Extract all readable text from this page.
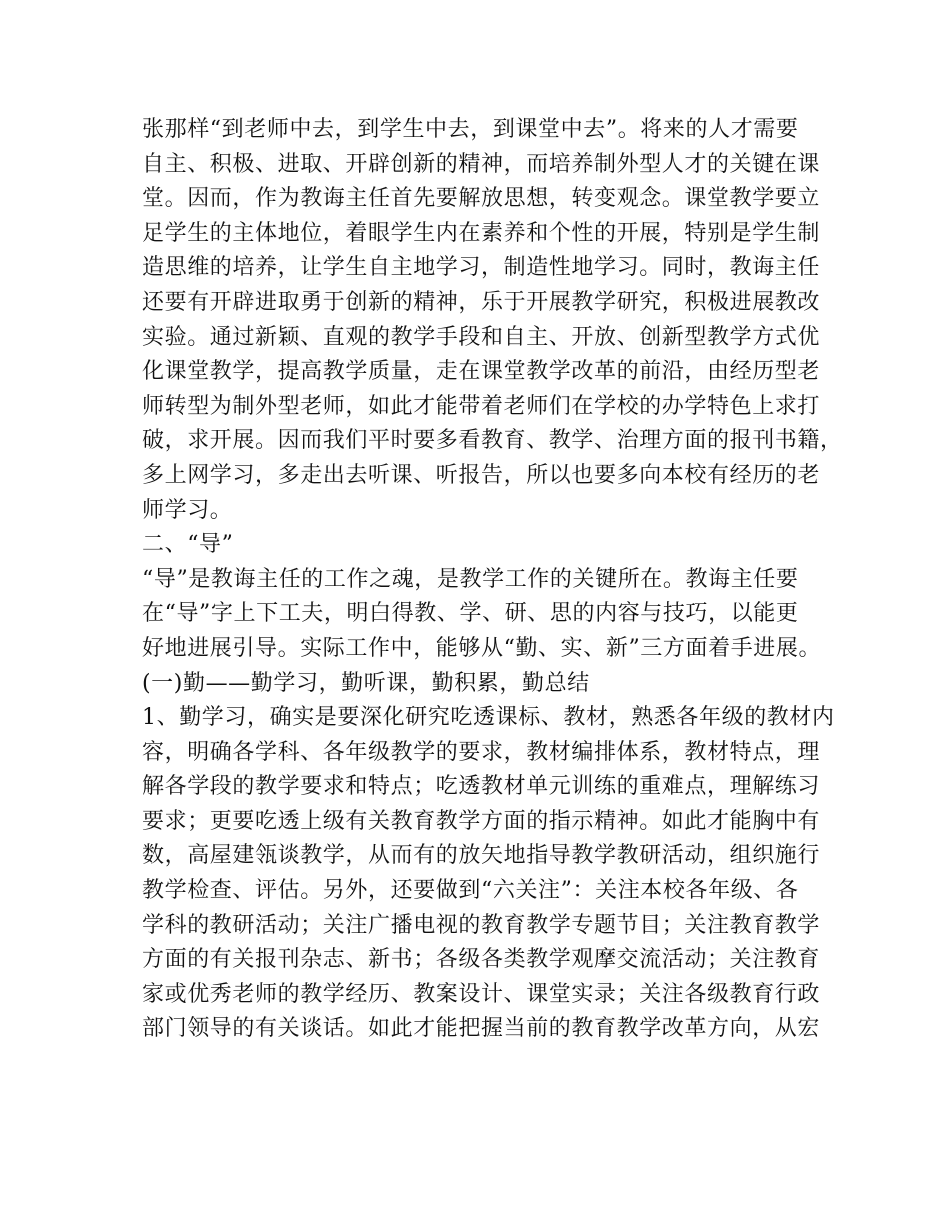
张那样“到老师中去，到学生中去，到课堂中去”。将来的人才需要
自主、积极、进取、开辟创新的精神，而培养制外型人才的关键在课
堂。因而，作为教诲主任首先要解放思想，转变观念。课堂教学要立
足学生的主体地位，着眼学生内在素养和个性的开展，特别是学生制
造思维的培养，让学生自主地学习，制造性地学习。同时，教诲主任
还要有开辟进取勇于创新的精神，乐于开展教学研究，积极进展教改
实验。通过新颖、直观的教学手段和自主、开放、创新型教学方式优
化课堂教学，提高教学质量，走在课堂教学改革的前沿，由经历型老
师转型为制外型老师，如此才能带着老师们在学校的办学特色上求打
破，求开展。因而我们平时要多看教育、教学、治理方面的报刊书籍，
多上网学习，多走出去听课、听报告，所以也要多向本校有经历的老
师学习。
二、“导”
“导”是教诲主任的工作之魂，是教学工作的关键所在。教诲主任要
在“导”字上下工夫，明白得教、学、研、思的内容与技巧，以能更
好地进展引导。实际工作中，能够从“勤、实、新”三方面着手进展。
(一)勤——勤学习，勤听课，勤积累，勤总结
1、勤学习，确实是要深化研究吃透课标、教材，熟悉各年级的教材内
容，明确各学科、各年级教学的要求，教材编排体系，教材特点，理
解各学段的教学要求和特点；吃透教材单元训练的重难点，理解练习
要求；更要吃透上级有关教育教学方面的指示精神。如此才能胸中有
数，高屋建瓴谈教学，从而有的放矢地指导教学教研活动，组织施行
教学检查、评估。另外，还要做到“六关注”：关注本校各年级、各
学科的教研活动；关注广播电视的教育教学专题节目；关注教育教学
方面的有关报刊杂志、新书；各级各类教学观摩交流活动；关注教育
家或优秀老师的教学经历、教案设计、课堂实录；关注各级教育行政
部门领导的有关谈话。如此才能把握当前的教育教学改革方向，从宏
